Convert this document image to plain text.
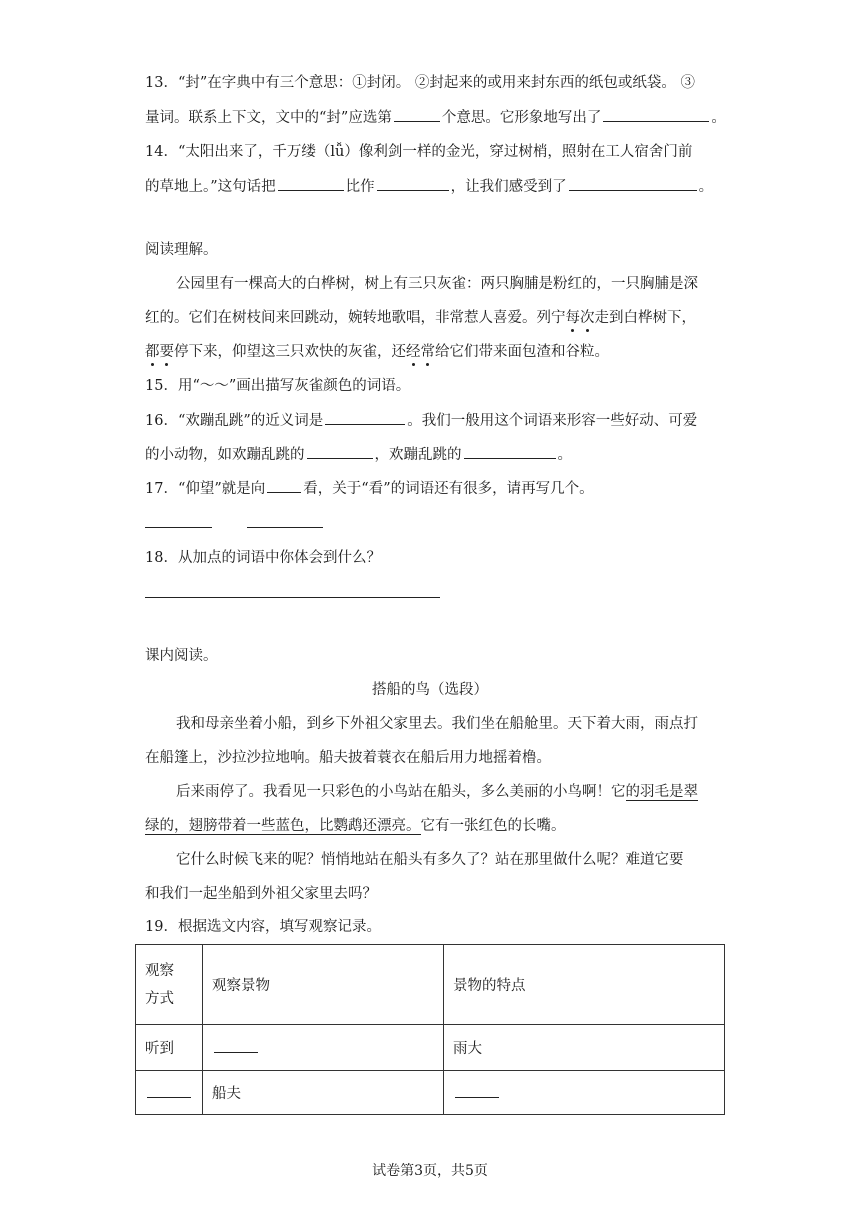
13．“封”在字典中有三个意思：①封闭。 ②封起来的或用来封东西的纸包或纸袋。 ③
量词。联系上下文，文中的“封”应选第	个意思。它形象地写出了	。
14．“太阳出来了，千万缕（lǚ）像利剑一样的金光，穿过树梢，照射在工人宿舍门前
的草地上。”这句话把	比作	，让我们感受到了	。
阅读理解。
公园里有一棵高大的白桦树，树上有三只灰雀：两只胸脯是粉红的，一只胸脯是深
红的。它们在树枝间来回跳动，婉转地歌唱，非常惹人喜爱。列宁每次走到白桦树下，
都要停下来，仰望这三只欢快的灰雀，还经常给它们带来面包渣和谷粒。
15．用“～～”画出描写灰雀颜色的词语。
16．“欢蹦乱跳”的近义词是	。我们一般用这个词语来形容一些好动、可爱
的小动物，如欢蹦乱跳的	，欢蹦乱跳的	。
17．“仰望”就是向	看，关于“看”的词语还有很多，请再写几个。
18．从加点的词语中你体会到什么？
课内阅读。
搭船的鸟（选段）
我和母亲坐着小船，到乡下外祖父家里去。我们坐在船舱里。天下着大雨，雨点打
在船篷上，沙拉沙拉地响。船夫披着蓑衣在船后用力地摇着橹。
后来雨停了。我看见一只彩色的小鸟站在船头，多么美丽的小鸟啊！它的羽毛是翠
绿的，翅膀带着一些蓝色，比鹦鹉还漂亮。它有一张红色的长嘴。
它什么时候飞来的呢？悄悄地站在船头有多久了？站在那里做什么呢？难道它要
和我们一起坐船到外祖父家里去吗？
19．根据选文内容，填写观察记录。
观察
方式	观察景物	景物的特点
听到		雨大
	船夫	
试卷第3页，共5页
